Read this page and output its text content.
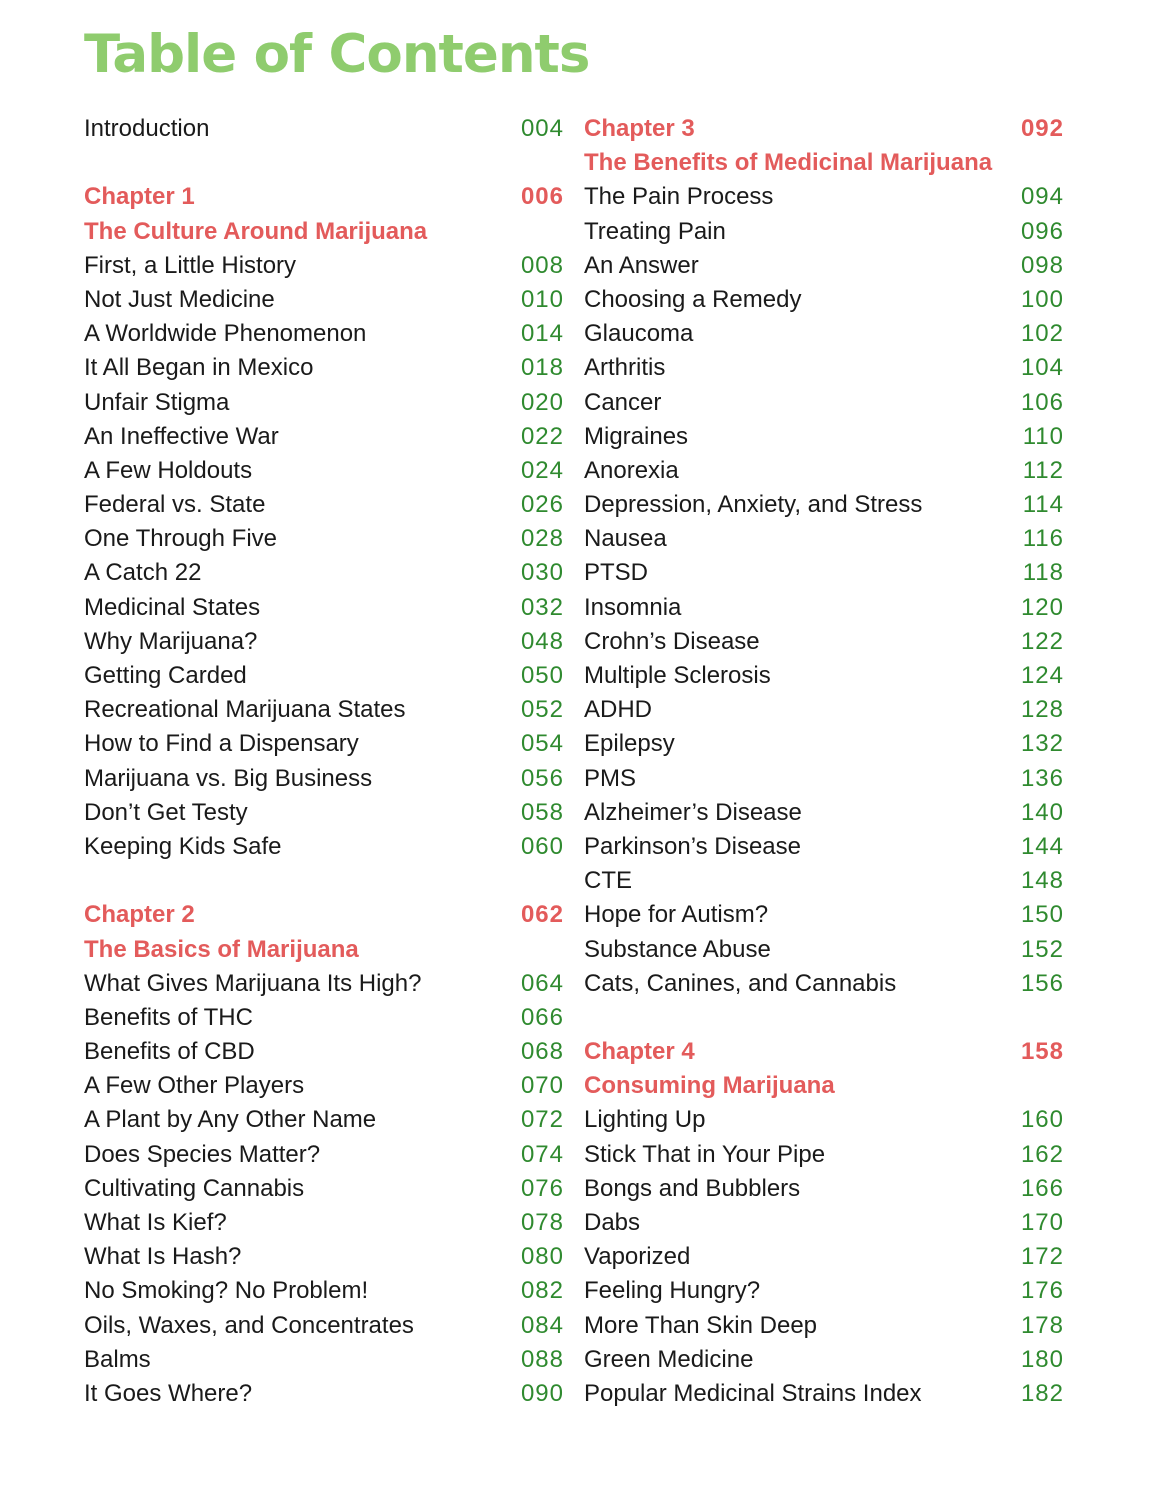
Table of Contents
Introduction	004
Chapter 1	006
The Culture Around Marijuana
First, a Little History	008
Not Just Medicine	010
A Worldwide Phenomenon	014
It All Began in Mexico	018
Unfair Stigma	020
An Ineffective War	022
A Few Holdouts	024
Federal vs. State	026
One Through Five	028
A Catch 22	030
Medicinal States	032
Why Marijuana?	048
Getting Carded	050
Recreational Marijuana States	052
How to Find a Dispensary	054
Marijuana vs. Big Business	056
Don’t Get Testy	058
Keeping Kids Safe	060
Chapter 2	062
The Basics of Marijuana
What Gives Marijuana Its High?	064
Benefits of THC	066
Benefits of CBD	068
A Few Other Players	070
A Plant by Any Other Name	072
Does Species Matter?	074
Cultivating Cannabis	076
What Is Kief?	078
What Is Hash?	080
No Smoking? No Problem!	082
Oils, Waxes, and Concentrates	084
Balms	088
It Goes Where?	090
Chapter 3	092
The Benefits of Medicinal Marijuana
The Pain Process	094
Treating Pain	096
An Answer	098
Choosing a Remedy	100
Glaucoma	102
Arthritis	104
Cancer	106
Migraines	110
Anorexia	112
Depression, Anxiety, and Stress	114
Nausea	116
PTSD	118
Insomnia	120
Crohn’s Disease	122
Multiple Sclerosis	124
ADHD	128
Epilepsy	132
PMS	136
Alzheimer’s Disease	140
Parkinson’s Disease	144
CTE	148
Hope for Autism?	150
Substance Abuse	152
Cats, Canines, and Cannabis	156
Chapter 4	158
Consuming Marijuana
Lighting Up	160
Stick That in Your Pipe	162
Bongs and Bubblers	166
Dabs	170
Vaporized	172
Feeling Hungry?	176
More Than Skin Deep	178
Green Medicine	180
Popular Medicinal Strains Index	182
